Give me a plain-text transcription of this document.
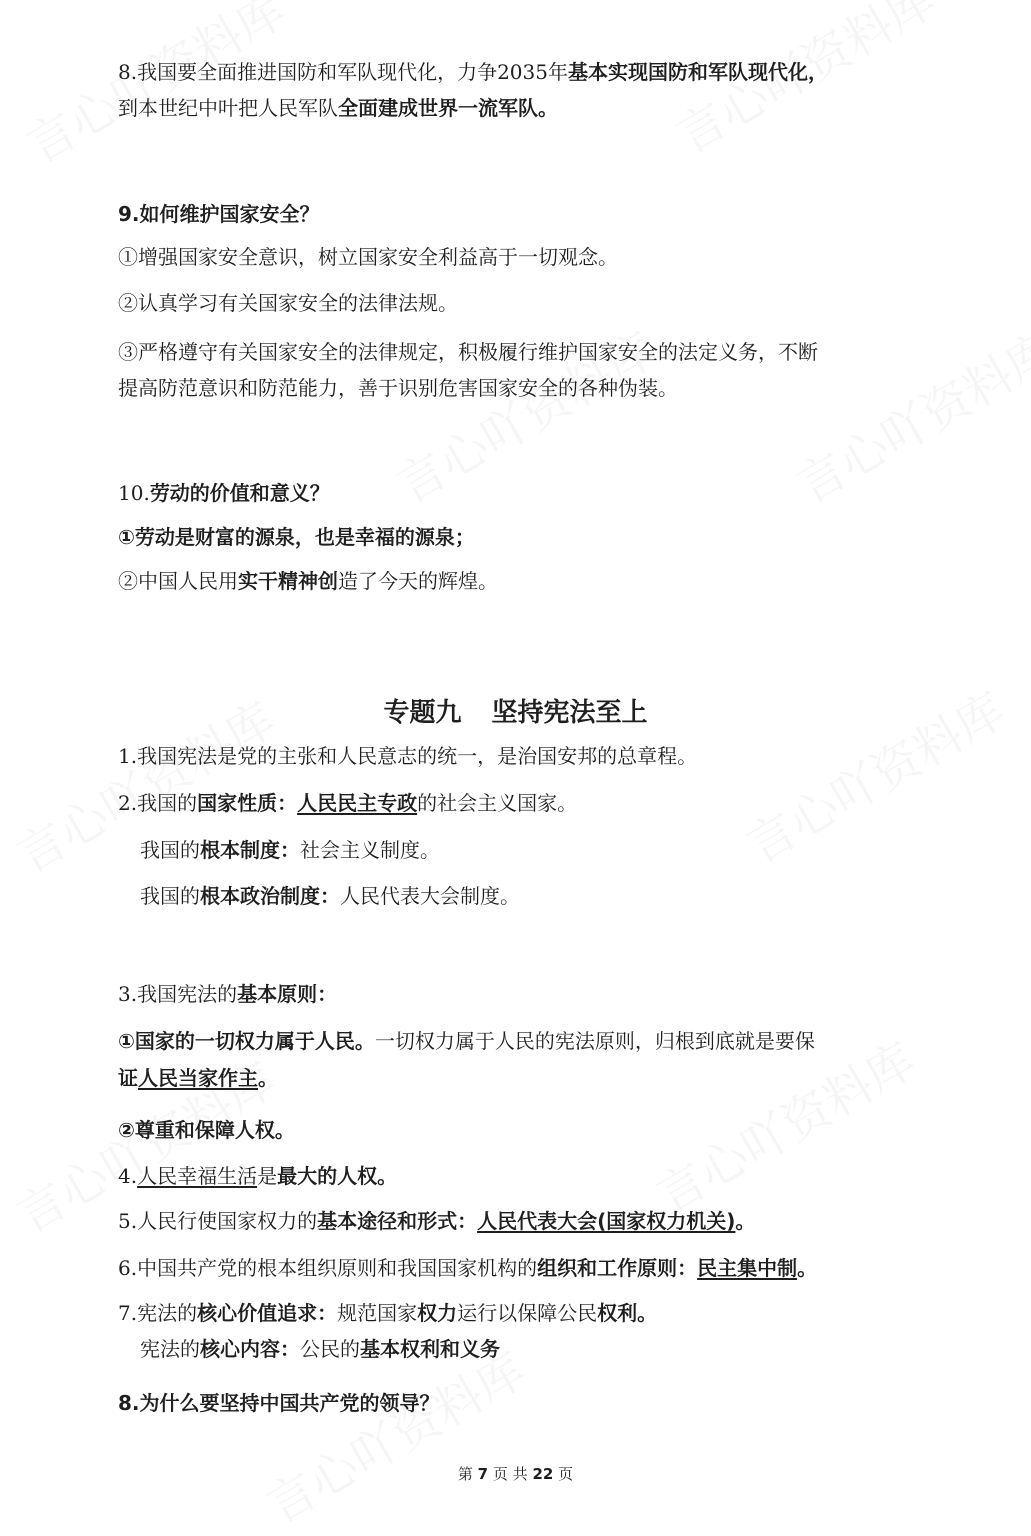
8.我国要全面推进国防和军队现代化，力争2035年基本实现国防和军队现代化，
到本世纪中叶把人民军队全面建成世界一流军队。
9.如何维护国家安全？
①增强国家安全意识，树立国家安全利益高于一切观念。
②认真学习有关国家安全的法律法规。
③严格遵守有关国家安全的法律规定，积极履行维护国家安全的法定义务，不断
提高防范意识和防范能力，善于识别危害国家安全的各种伪装。
10.劳动的价值和意义？
①劳动是财富的源泉，也是幸福的源泉；
②中国人民用实干精神创造了今天的辉煌。
专题九 坚持宪法至上
1.我国宪法是党的主张和人民意志的统一，是治国安邦的总章程。
2.我国的国家性质：人民民主专政的社会主义国家。
我国的根本制度：社会主义制度。
我国的根本政治制度：人民代表大会制度。
3.我国宪法的基本原则：
①国家的一切权力属于人民。一切权力属于人民的宪法原则，归根到底就是要保
证人民当家作主。
②尊重和保障人权。
4.人民幸福生活是最大的人权。
5.人民行使国家权力的基本途径和形式：人民代表大会(国家权力机关)。
6.中国共产党的根本组织原则和我国国家机构的组织和工作原则：民主集中制。
7.宪法的核心价值追求：规范国家权力运行以保障公民权利。
宪法的核心内容：公民的基本权利和义务
8.为什么要坚持中国共产党的领导？
第 7 页 共 22 页
